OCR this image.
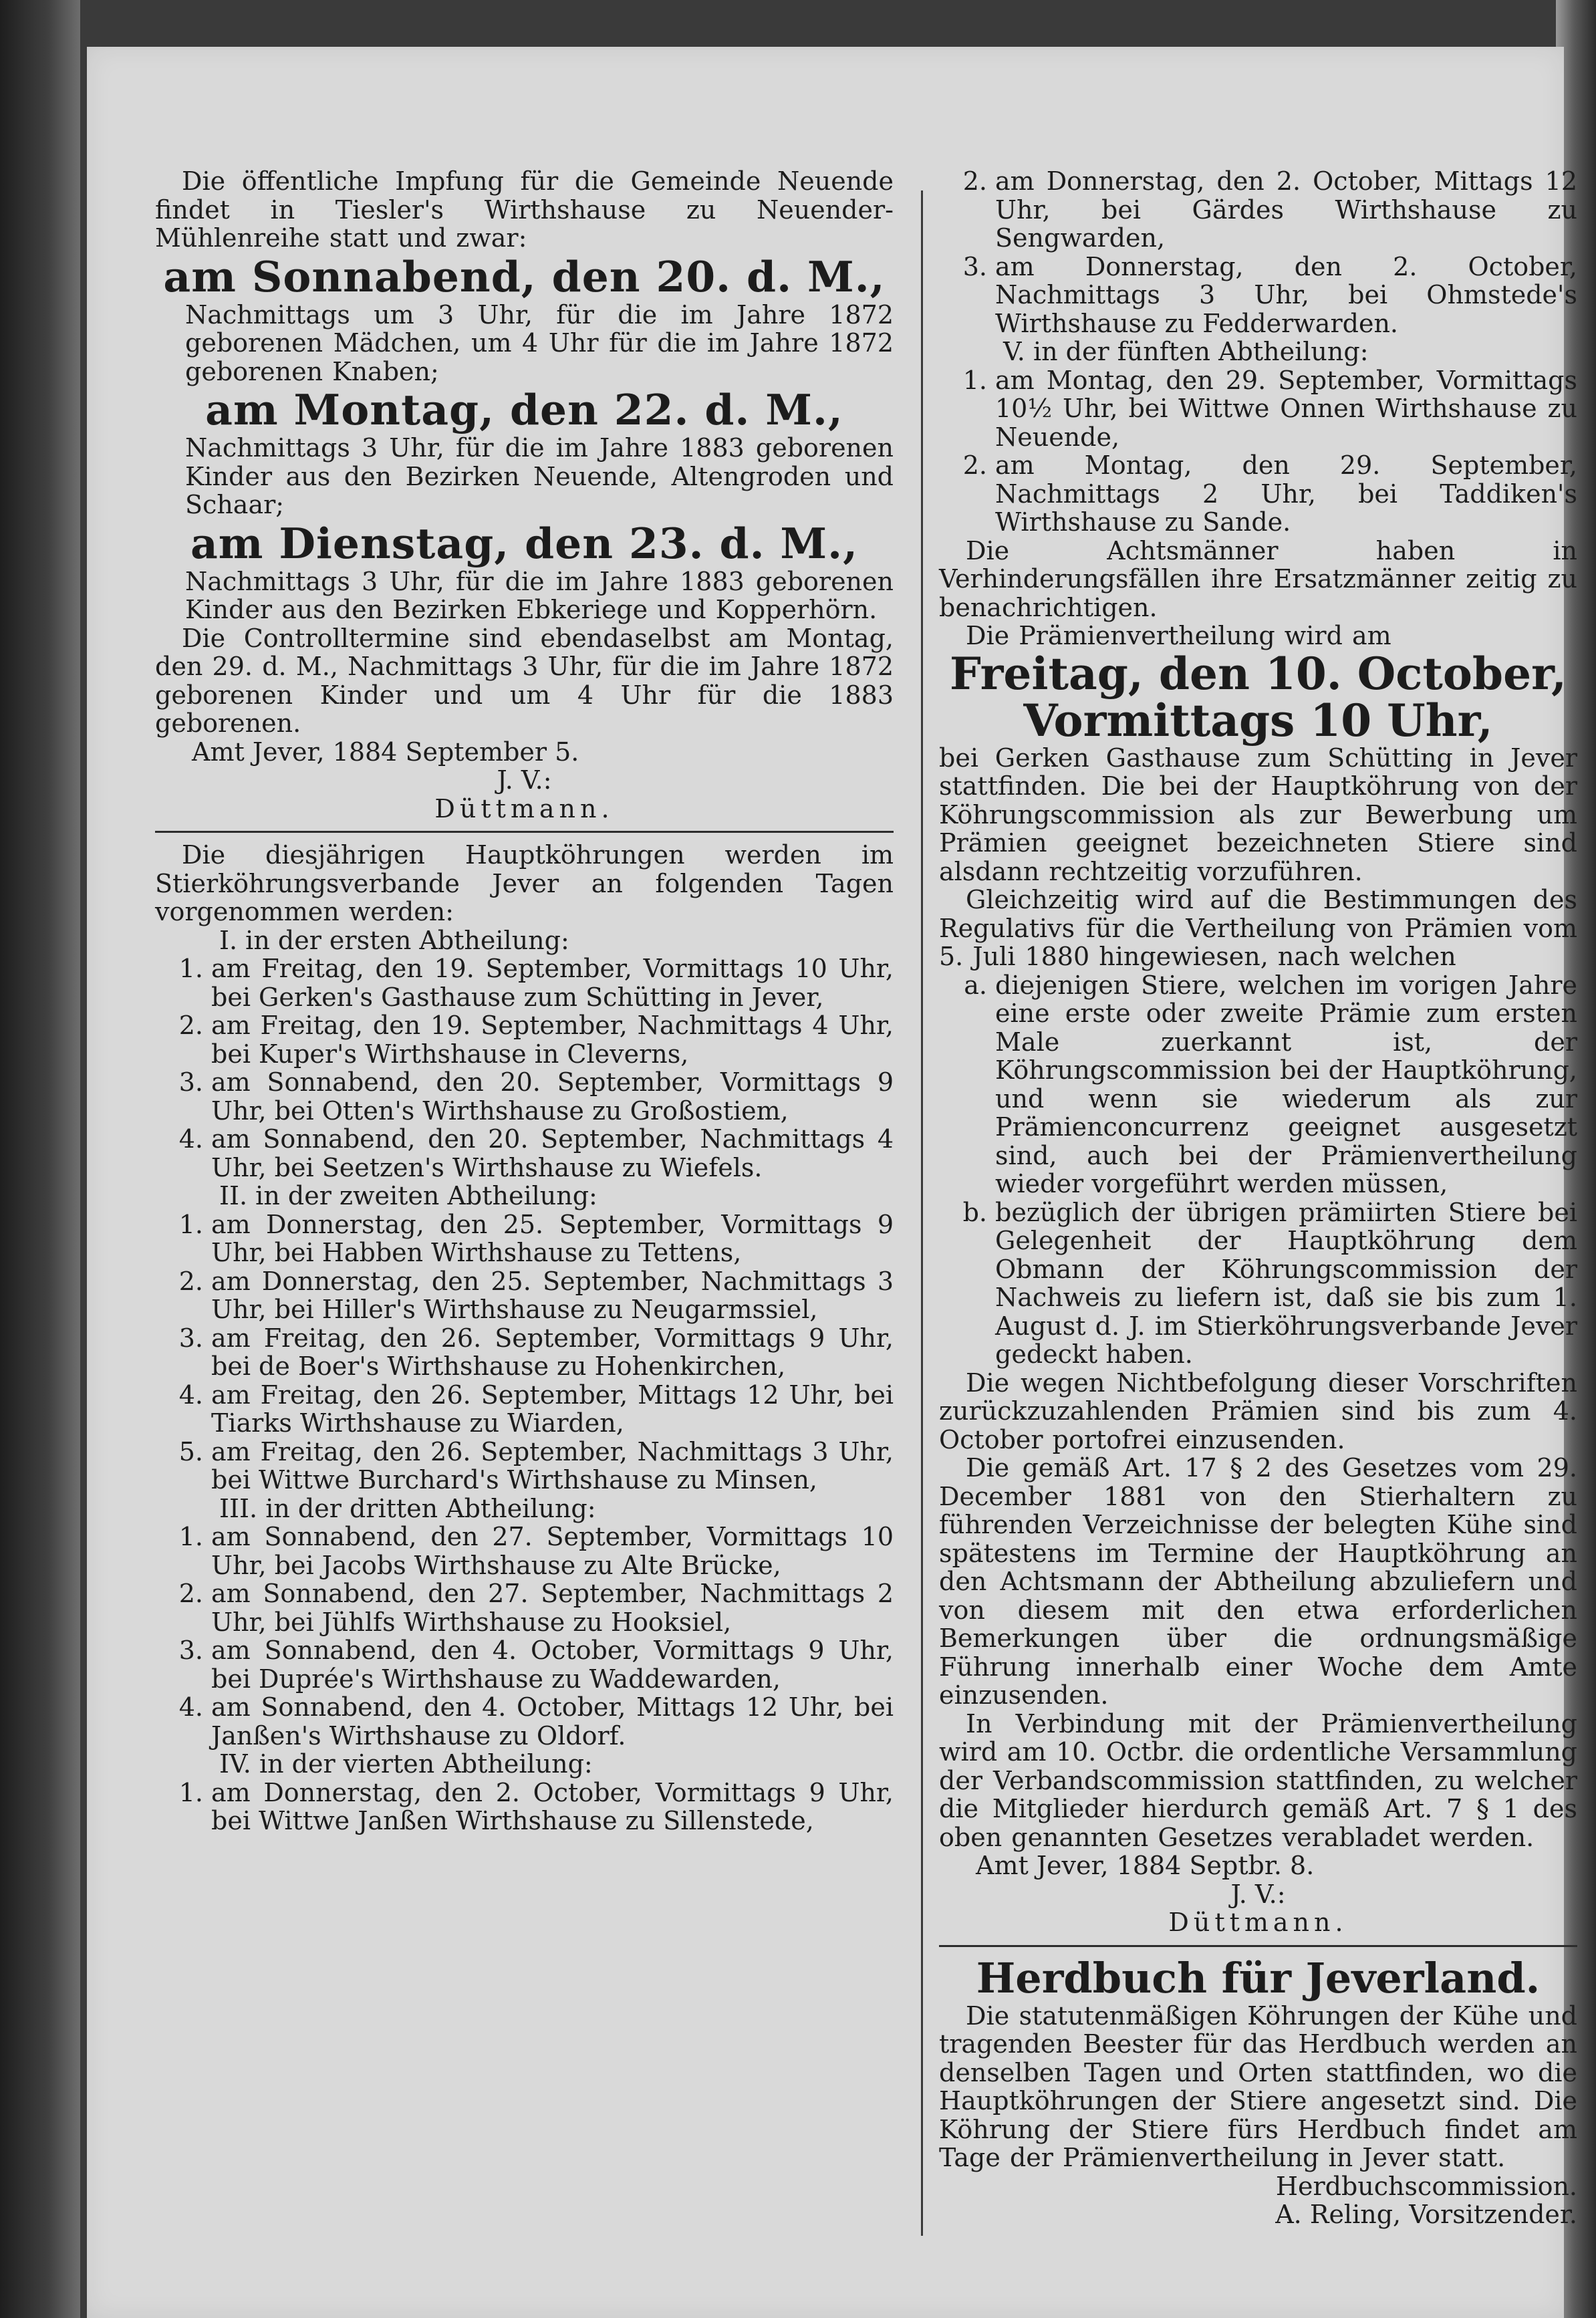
Die öffentliche Impfung für die Gemeinde Neuende findet in Tiesler's Wirthshause zu Neuender-Mühlenreihe statt und zwar:

am Sonnabend, den 20. d. M.,

Nachmittags um 3 Uhr, für die im Jahre 1872 geborenen Mädchen, um 4 Uhr für die im Jahre 1872 geborenen Knaben;

am Montag, den 22. d. M.,

Nachmittags 3 Uhr, für die im Jahre 1883 geborenen Kinder aus den Bezirken Neuende, Altengroden und Schaar;

am Dienstag, den 23. d. M.,

Nachmittags 3 Uhr, für die im Jahre 1883 geborenen Kinder aus den Bezirken Ebkeriege und Kopperhörn.

Die Controlltermine sind ebendaselbst am Montag, den 29. d. M., Nachmittags 3 Uhr, für die im Jahre 1872 geborenen Kinder und um 4 Uhr für die 1883 geborenen.

Amt Jever, 1884 September 5.

J. V.:

Düttmann.

Die diesjährigen Hauptköhrungen werden im Stierköhrungsverbande Jever an folgenden Tagen vorgenommen werden:

I. in der ersten Abtheilung:

1. am Freitag, den 19. September, Vormittags 10 Uhr, bei Gerken's Gasthause zum Schütting in Jever,
2. am Freitag, den 19. September, Nachmittags 4 Uhr, bei Kuper's Wirthshause in Cleverns,
3. am Sonnabend, den 20. September, Vormittags 9 Uhr, bei Otten's Wirthshause zu Großostiem,
4. am Sonnabend, den 20. September, Nachmittags 4 Uhr, bei Seetzen's Wirthshause zu Wiefels.

II. in der zweiten Abtheilung:

1. am Donnerstag, den 25. September, Vormittags 9 Uhr, bei Habben Wirthshause zu Tettens,
2. am Donnerstag, den 25. September, Nachmittags 3 Uhr, bei Hiller's Wirthshause zu Neugarmssiel,
3. am Freitag, den 26. September, Vormittags 9 Uhr, bei de Boer's Wirthshause zu Hohenkirchen,
4. am Freitag, den 26. September, Mittags 12 Uhr, bei Tiarks Wirthshause zu Wiarden,
5. am Freitag, den 26. September, Nachmittags 3 Uhr, bei Wittwe Burchard's Wirthshause zu Minsen,

III. in der dritten Abtheilung:

1. am Sonnabend, den 27. September, Vormittags 10 Uhr, bei Jacobs Wirthshause zu Alte Brücke,
2. am Sonnabend, den 27. September, Nachmittags 2 Uhr, bei Jühlfs Wirthshause zu Hooksiel,
3. am Sonnabend, den 4. October, Vormittags 9 Uhr, bei Duprée's Wirthshause zu Waddewarden,
4. am Sonnabend, den 4. October, Mittags 12 Uhr, bei Janßen's Wirthshause zu Oldorf.

IV. in der vierten Abtheilung:

1. am Donnerstag, den 2. October, Vormittags 9 Uhr, bei Wittwe Janßen Wirthshause zu Sillenstede,
2. am Donnerstag, den 2. October, Mittags 12 Uhr, bei Gärdes Wirthshause zu Sengwarden,
3. am Donnerstag, den 2. October, Nachmittags 3 Uhr, bei Ohmstede's Wirthshause zu Fedderwarden.

V. in der fünften Abtheilung:

1. am Montag, den 29. September, Vormittags 10½ Uhr, bei Wittwe Onnen Wirthshause zu Neuende,
2. am Montag, den 29. September, Nachmittags 2 Uhr, bei Taddiken's Wirthshause zu Sande.

Die Achtsmänner haben in Verhinderungsfällen ihre Ersatzmänner zeitig zu benachrichtigen.

Die Prämienvertheilung wird am

Freitag, den 10. October,

Vormittags 10 Uhr,

bei Gerken Gasthause zum Schütting in Jever stattfinden. Die bei der Hauptköhrung von der Köhrungscommission als zur Bewerbung um Prämien geeignet bezeichneten Stiere sind alsdann rechtzeitig vorzuführen.

Gleichzeitig wird auf die Bestimmungen des Regulativs für die Vertheilung von Prämien vom 5. Juli 1880 hingewiesen, nach welchen

a. diejenigen Stiere, welchen im vorigen Jahre eine erste oder zweite Prämie zum ersten Male zuerkannt ist, der Köhrungscommission bei der Hauptköhrung, und wenn sie wiederum als zur Prämienconcurrenz geeignet ausgesetzt sind, auch bei der Prämienvertheilung wieder vorgeführt werden müssen,
b. bezüglich der übrigen prämiirten Stiere bei Gelegenheit der Hauptköhrung dem Obmann der Köhrungscommission der Nachweis zu liefern ist, daß sie bis zum 1. August d. J. im Stierköhrungsverbande Jever gedeckt haben.

Die wegen Nichtbefolgung dieser Vorschriften zurückzuzahlenden Prämien sind bis zum 4. October portofrei einzusenden.

Die gemäß Art. 17 § 2 des Gesetzes vom 29. December 1881 von den Stierhaltern zu führenden Verzeichnisse der belegten Kühe sind spätestens im Termine der Hauptköhrung an den Achtsmann der Abtheilung abzuliefern und von diesem mit den etwa erforderlichen Bemerkungen über die ordnungsmäßige Führung innerhalb einer Woche dem Amte einzusenden.

In Verbindung mit der Prämienvertheilung wird am 10. Octbr. die ordentliche Versammlung der Verbandscommission stattfinden, zu welcher die Mitglieder hierdurch gemäß Art. 7 § 1 des oben genannten Gesetzes verabladet werden.

Amt Jever, 1884 Septbr. 8.

J. V.:

Düttmann.

Herdbuch für Jeverland.

Die statutenmäßigen Köhrungen der Kühe und tragenden Beester für das Herdbuch werden an denselben Tagen und Orten stattfinden, wo die Hauptköhrungen der Stiere angesetzt sind. Die Köhrung der Stiere fürs Herdbuch findet am Tage der Prämienvertheilung in Jever statt.

Herdbuchscommission.

A. Reling, Vorsitzender.
